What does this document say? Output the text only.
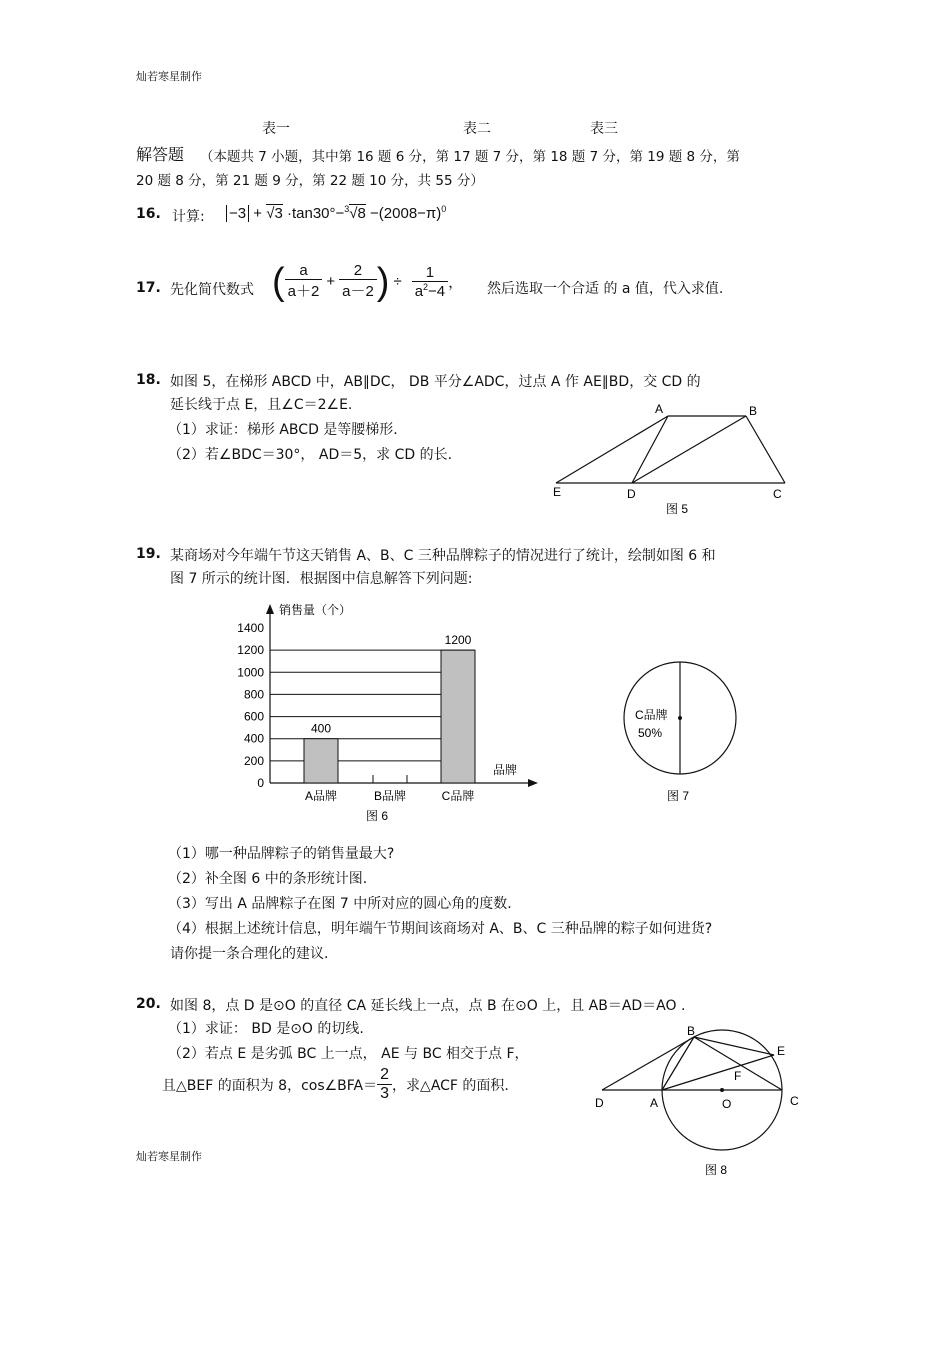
灿若寒星制作
表一	表二	表三
解答题 （本题共 7 小题，其中第 16 题 6 分，第 17 题 7 分，第 18 题 7 分，第 19 题 8 分，第
20 题 8 分，第 21 题 9 分，第 22 题 10 分，共 55 分）
16. 计算: $-3 + √3 \cdot\tan 30^\circ-^3√8 -(2008-\pi)^0$
17. 先化简代数式 ( $\frac{a}{a+2} + \frac{2}{a-2}$ ) ÷ $\frac{1}{a^2-4}$ ， 然后选取一个合适 的 a 值，代入求值.
18. 如图 5，在梯形 ABCD 中，AB∥DC， DB 平分∠ADC，过点 A 作 AE∥BD，交 CD 的
延长线于点 E，且∠C＝2∠E.
（1）求证：梯形 ABCD 是等腰梯形.
（2）若∠BDC＝30°， AD＝5，求 CD 的长.
A	B
E	D	C
图 5
19. 某商场对今年端午节这天销售 A、B、C 三种品牌粽子的情况进行了统计，绘制如图 6 和
图 7 所示的统计图．根据图中信息解答下列问题:
销售量（个）
品牌
图 6
0
200
400
600
800
1000
1200
1400
400
A品牌	B品牌
1200
C品牌
C品牌
50%
图 7
（1）哪一种品牌粽子的销售量最大?
（2）补全图 6 中的条形统计图.
（3）写出 A 品牌粽子在图 7 中所对应的圆心角的度数.
（4）根据上述统计信息，明年端午节期间该商场对 A、B、C 三种品牌的粽子如何进货?
请你提一条合理化的建议.
20. 如图 8，点 D 是⊙O 的直径 CA 延长线上一点，点 B 在⊙O 上，且 AB＝AD＝AO .
（1）求证： BD 是⊙O 的切线.
（2）若点 E 是劣弧 BC 上一点， AE 与 BC 相交于点 F，
且△BEF 的面积为 8，cos∠BFA＝ $\frac{2}{3}$ ，求△ACF 的面积.
B
E
F
D	A	O	C
图 8
灿若寒星制作
